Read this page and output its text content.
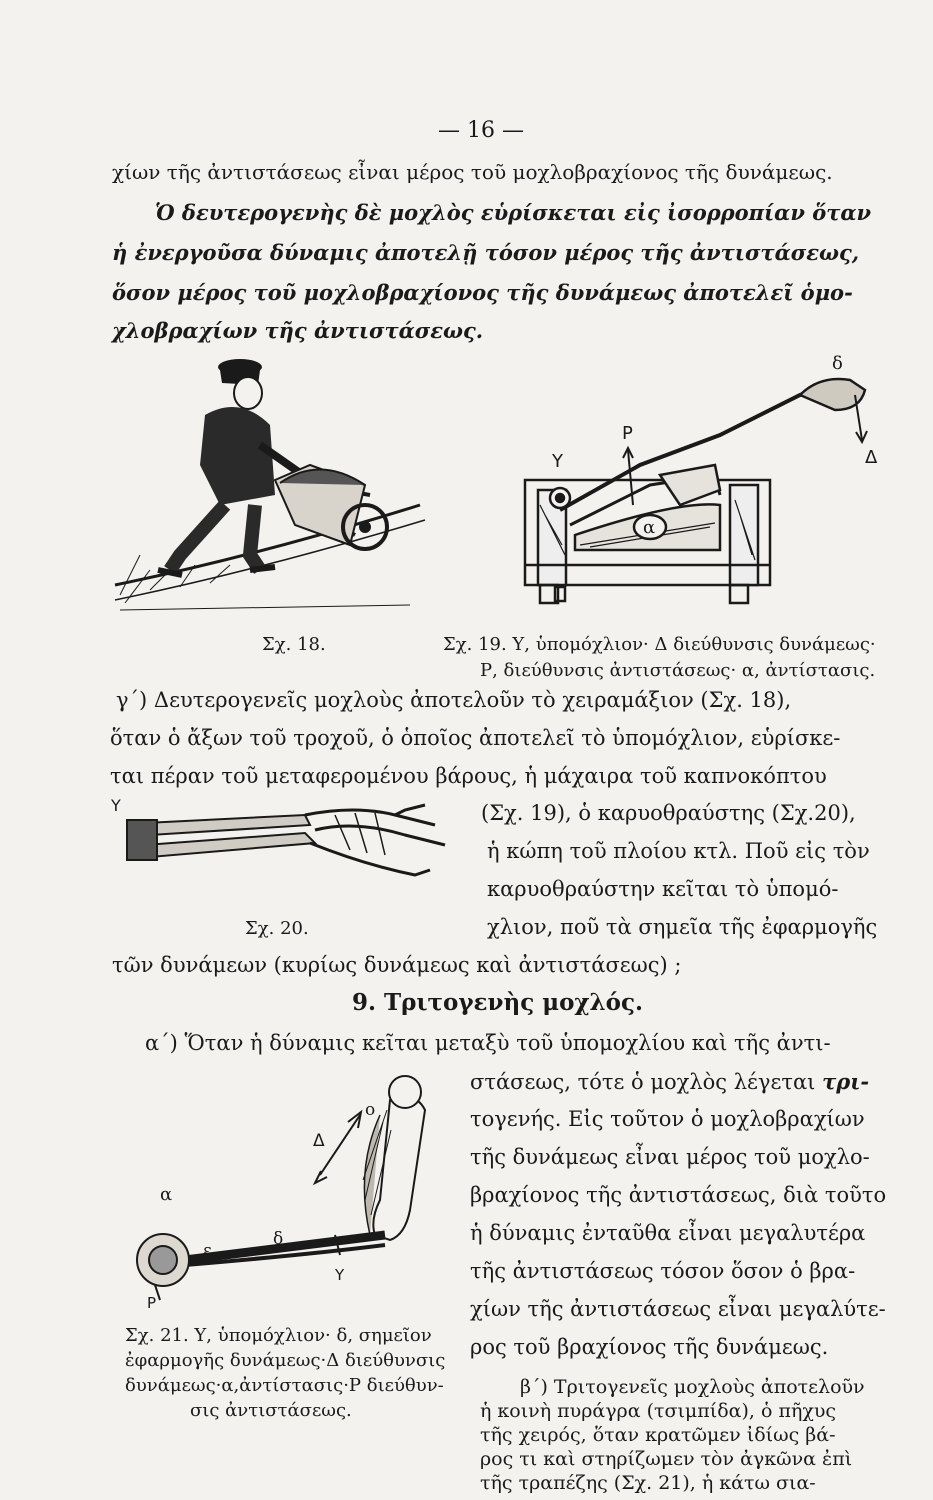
— 16 —
χίων τῆς ἀντιστάσεως εἶναι μέρος τοῦ μοχλοβραχίονος τῆς δυνάμεως.
Ὁ δευτερογενὴς δὲ μοχλὸς εὑρίσκεται εἰς ἰσορροπίαν ὅταν
ἡ ἐνεργοῦσα δύναμις ἀποτελῇ τόσον μέρος τῆς ἀντιστάσεως,
ὅσον μέρος τοῦ μοχλοβραχίονος τῆς δυνάμεως ἀποτελεῖ ὁμο-
χλοβραχίων τῆς ἀντιστάσεως.
Σχ. 18.
δ
Ρ
Υ	Δ
α
Σχ. 19. Υ, ὑπομόχλιον· Δ διεύθυνσις δυνάμεως·
Ρ, διεύθυνσις ἀντιστάσεως· α, ἀντίστασις.
γ΄) Δευτερογενεῖς μοχλοὺς ἀποτελοῦν τὸ χειραμάξιον (Σχ. 18),
ὅταν ὁ ἄξων τοῦ τροχοῦ, ὁ ὁποῖος ἀποτελεῖ τὸ ὑπομόχλιον, εὑρίσκε-
ται πέραν τοῦ μεταφερομένου βάρους, ἡ μάχαιρα τοῦ καπνοκόπτου
Υ	(Σχ. 19), ὁ καρυοθραύστης (Σχ.20),
ἡ κώπη τοῦ πλοίου κτλ. Ποῦ εἰς τὸν
καρυοθραύστην κεῖται τὸ ὑπομό-
Σχ. 20.	χλιον, ποῦ τὰ σημεῖα τῆς ἐφαρμογῆς
τῶν δυνάμεων (κυρίως δυνάμεως καὶ ἀντιστάσεως) ;
9. Τριτογενὴς μοχλός.
α΄) Ὅταν ἡ δύναμις κεῖται μεταξὺ τοῦ ὑπομοχλίου καὶ τῆς ἀντι-
στάσεως, τότε ὁ μοχλὸς λέγεται τρι-
τογενής. Εἰς τοῦτον ὁ μοχλοβραχίων
τῆς δυνάμεως εἶναι μέρος τοῦ μοχλο-
βραχίονος τῆς ἀντιστάσεως, διὰ τοῦτο
ἡ δύναμις ἐνταῦθα εἶναι μεγαλυτέρα
τῆς ἀντιστάσεως τόσον ὅσον ὁ βρα-
χίων τῆς ἀντιστάσεως εἶναι μεγαλύτε-
ρος τοῦ βραχίονος τῆς δυνάμεως.
β΄) Τριτογενεῖς μοχλοὺς ἀποτελοῦν
ἡ κοινὴ πυράγρα (τσιμπίδα), ὁ πῆχυς
τῆς χειρός, ὅταν κρατῶμεν ἰδίως βά-
ρος τι καὶ στηρίζωμεν τὸν ἀγκῶνα ἐπὶ
ο
Δ
α
ε
δ
Υ
Ρ
Σχ. 21. Υ, ὑπομόχλιον· δ, σημεῖον
ἐφαρμογῆς δυνάμεως·Δ διεύθυνσις
δυνάμεως·α,ἀντίστασις·Ρ διεύθυν-
σις ἀντιστάσεως.
τῆς τραπέζης (Σχ. 21), ἡ κάτω σια-
